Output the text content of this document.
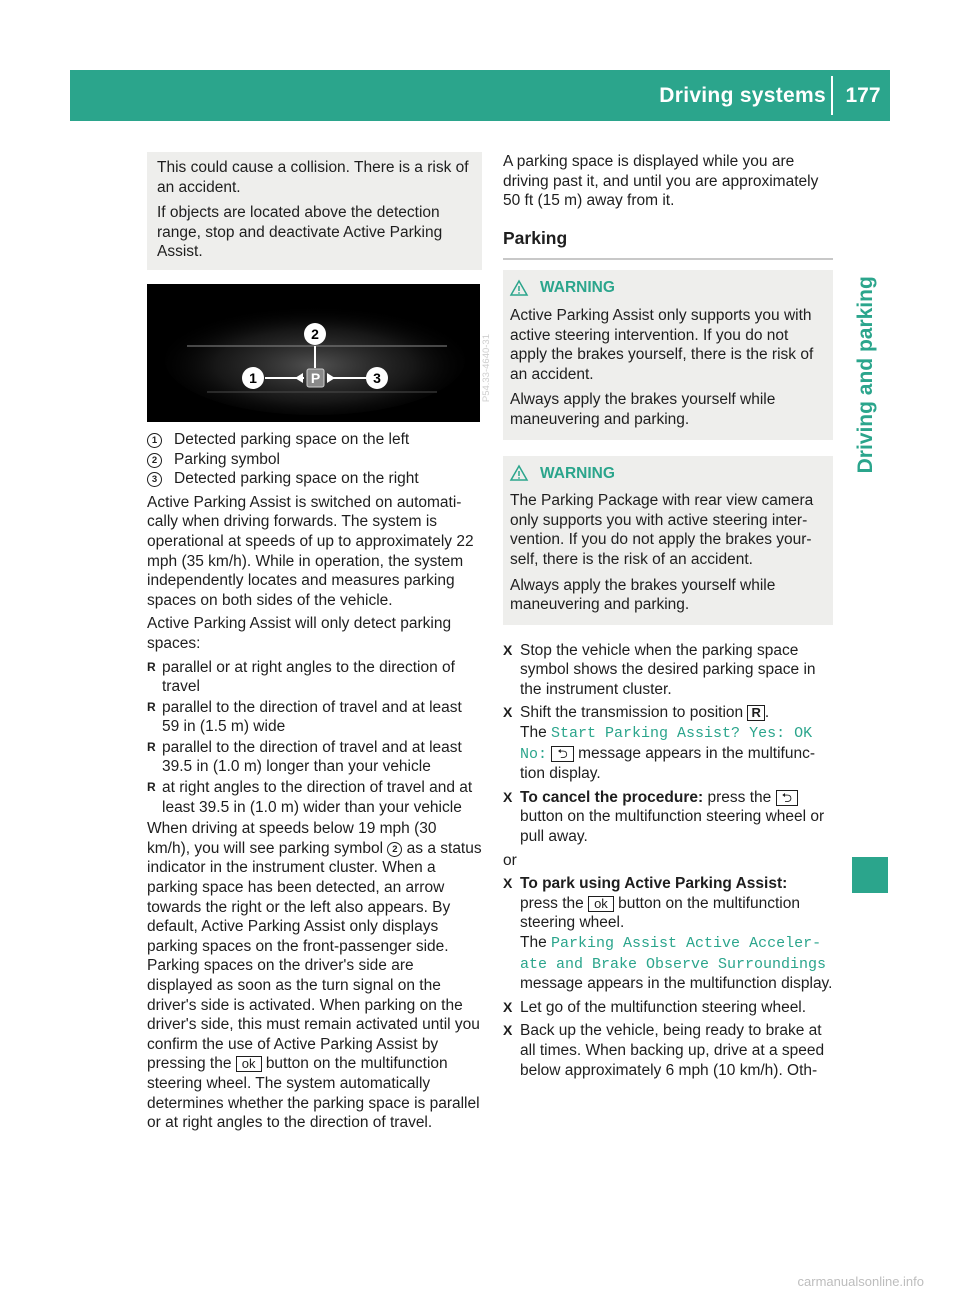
Driving systems 177
Driving and parking

This could cause a collision. There is a risk of an accident.

If objects are located above the detection range, stop and deactivate Active Parking Assist.

P
1
2
3	P54.33-4640-31
1	Detected parking space on the left
2	Parking symbol
3	Detected parking space on the right

Active Parking Assist is switched on automatically when driving forwards. The system is operational at speeds of up to approximately 22 mph (35 km/h). While in operation, the system independently locates and measures parking spaces on both sides of the vehicle.

Active Parking Assist will only detect parking spaces:

R parallel or at right angles to the direction of travel
R parallel to the direction of travel and at least 59 in (1.5 m) wide
R parallel to the direction of travel and at least 39.5 in (1.0 m) longer than your vehicle
R at right angles to the direction of travel and at least 39.5 in (1.0 m) wider than your vehicle

When driving at speeds below 19 mph (30 km/h), you will see parking symbol 2 as a status indicator in the instrument cluster. When a parking space has been detected, an arrow towards the right or the left also appears. By default, Active Parking Assist only displays parking spaces on the front-passenger side. Parking spaces on the driver's side are displayed as soon as the turn signal on the driver's side is activated. When parking on the driver's side, this must remain activated until you confirm the use of Active Parking Assist by pressing the ok button on the multifunction steering wheel. The system automatically determines whether the parking space is parallel or at right angles to the direction of travel.

A parking space is displayed while you are driving past it, and until you are approximately 50 ft (15 m) away from it.

Parking
WARNING

Active Parking Assist only supports you with active steering intervention. If you do not apply the brakes yourself, there is the risk of an accident.

Always apply the brakes yourself while maneuvering and parking.

WARNING

The Parking Package with rear view camera only supports you with active steering intervention. If you do not apply the brakes yourself, there is the risk of an accident.

Always apply the brakes yourself while maneuvering and parking.

X Stop the vehicle when the parking space symbol shows the desired parking space in the instrument cluster.
X Shift the transmission to position R .
The Start Parking Assist? Yes: OK No: ⮌ message appears in the multifunction display.
X To cancel the procedure: press the ⮌ button on the multifunction steering wheel or pull away.

or

X To park using Active Parking Assist:
press the ok button on the multifunction steering wheel.
The Parking Assist Active Accelerate and Brake Observe Surroundings message appears in the multifunction display.
X Let go of the multifunction steering wheel.
X Back up the vehicle, being ready to brake at all times. When backing up, drive at a speed below approximately 6 mph (10 km/h). Oth-
carmanualsonline.info
